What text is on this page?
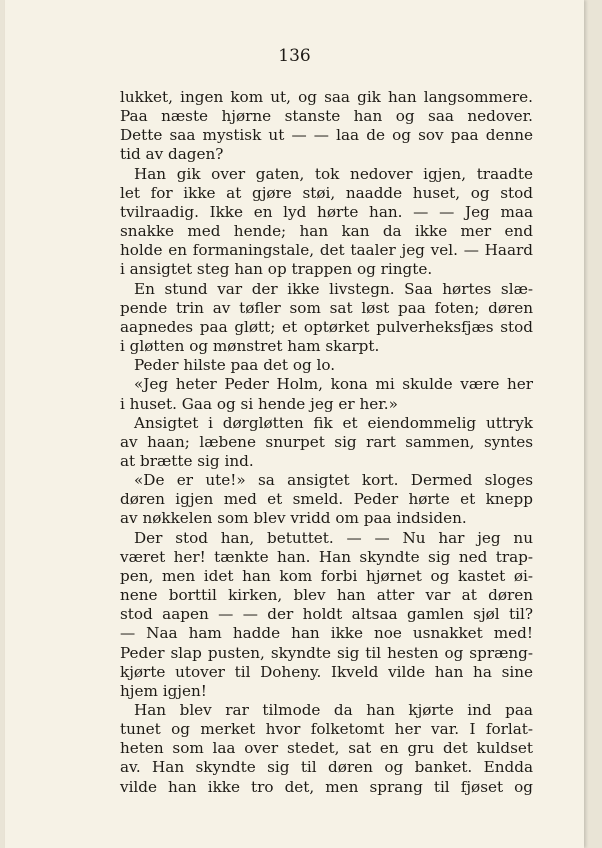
136
lukket, ingen kom ut, og saa gik han langsommere.
Paa næste hjørne stanste han og saa nedover.
Dette saa mystisk ut — — laa de og sov paa denne
tid av dagen?
Han gik over gaten, tok nedover igjen, traadte
let for ikke at gjøre støi, naadde huset, og stod
tvilraadig. Ikke en lyd hørte han. — — Jeg maa
snakke med hende; han kan da ikke mer end
holde en formaningstale, det taaler jeg vel. — Haard
i ansigtet steg han op trappen og ringte.
En stund var der ikke livstegn. Saa hørtes slæ-
pende trin av tøfler som sat løst paa foten; døren
aapnedes paa gløtt; et optørket pulverheksfjæs stod
i gløtten og mønstret ham skarpt.
Peder hilste paa det og lo.
«Jeg heter Peder Holm, kona mi skulde være her
i huset. Gaa og si hende jeg er her.»
Ansigtet i dørgløtten fik et eiendommelig uttryk
av haan; læbene snurpet sig rart sammen, syntes
at brætte sig ind.
«De er ute!» sa ansigtet kort. Dermed sloges
døren igjen med et smeld. Peder hørte et knepp
av nøkkelen som blev vridd om paa indsiden.
Der stod han, betuttet. — — Nu har jeg nu
været her! tænkte han. Han skyndte sig ned trap-
pen, men idet han kom forbi hjørnet og kastet øi-
nene borttil kirken, blev han atter var at døren
stod aapen — — der holdt altsaa gamlen sjøl til?
— Naa ham hadde han ikke noe usnakket med!
Peder slap pusten, skyndte sig til hesten og spræng-
kjørte utover til Doheny. Ikveld vilde han ha sine
hjem igjen!
Han blev rar tilmode da han kjørte ind paa
tunet og merket hvor folketomt her var. I forlat-
heten som laa over stedet, sat en gru det kuldset
av. Han skyndte sig til døren og banket. Endda
vilde han ikke tro det, men sprang til fjøset og
